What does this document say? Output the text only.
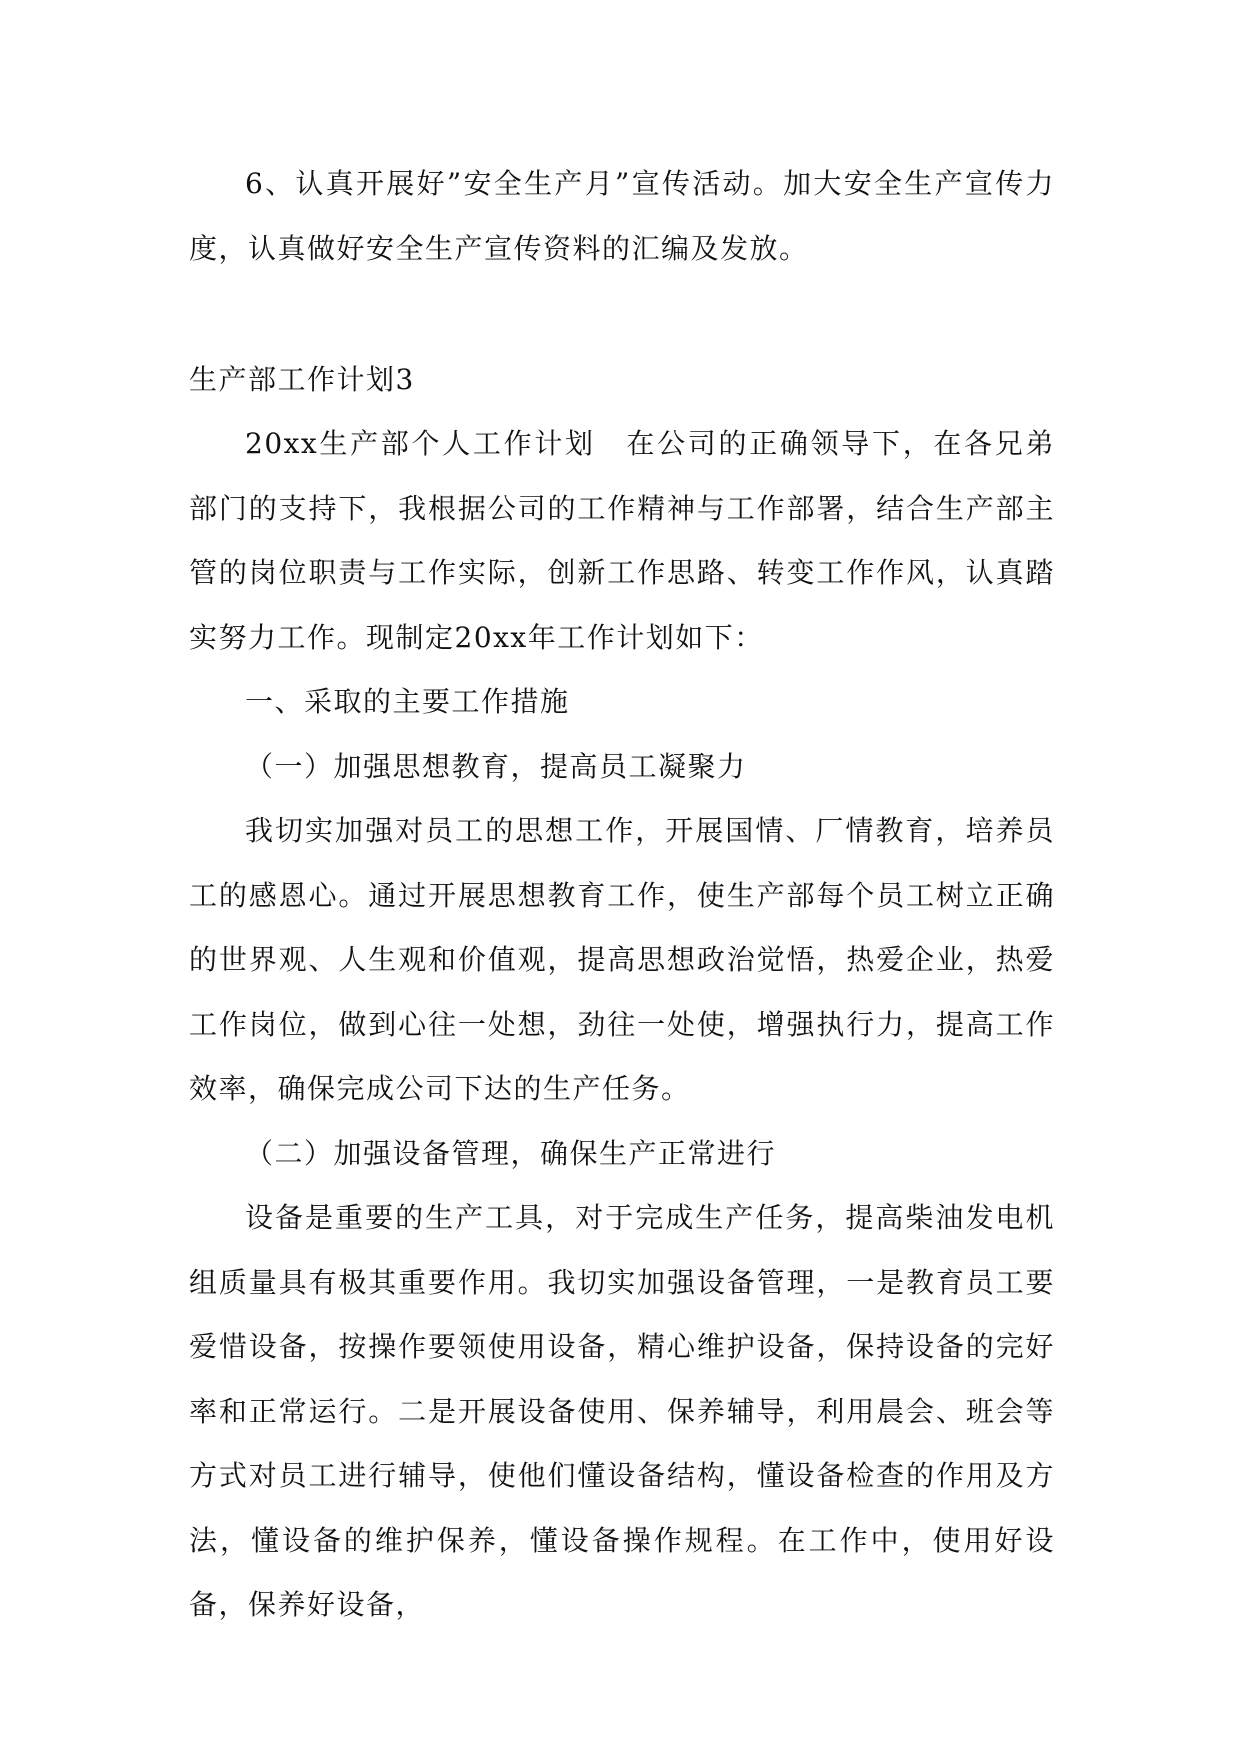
6、认真开展好”安全生产月”宣传活动。加大安全生产宣传力度，认真做好安全生产宣传资料的汇编及发放。

生产部工作计划3

20xx生产部个人工作计划　在公司的正确领导下，在各兄弟部门的支持下，我根据公司的工作精神与工作部署，结合生产部主管的岗位职责与工作实际，创新工作思路、转变工作作风，认真踏实努力工作。现制定20xx年工作计划如下：

一、采取的主要工作措施

（一）加强思想教育，提高员工凝聚力

我切实加强对员工的思想工作，开展国情、厂情教育，培养员工的感恩心。通过开展思想教育工作，使生产部每个员工树立正确的世界观、人生观和价值观，提高思想政治觉悟，热爱企业，热爱工作岗位，做到心往一处想，劲往一处使，增强执行力，提高工作效率，确保完成公司下达的生产任务。

（二）加强设备管理，确保生产正常进行

设备是重要的生产工具，对于完成生产任务，提高柴油发电机组质量具有极其重要作用。我切实加强设备管理，一是教育员工要爱惜设备，按操作要领使用设备，精心维护设备，保持设备的完好率和正常运行。二是开展设备使用、保养辅导，利用晨会、班会等方式对员工进行辅导，使他们懂设备结构，懂设备检查的作用及方法，懂设备的维护保养，懂设备操作规程。在工作中，使用好设备，保养好设备，
